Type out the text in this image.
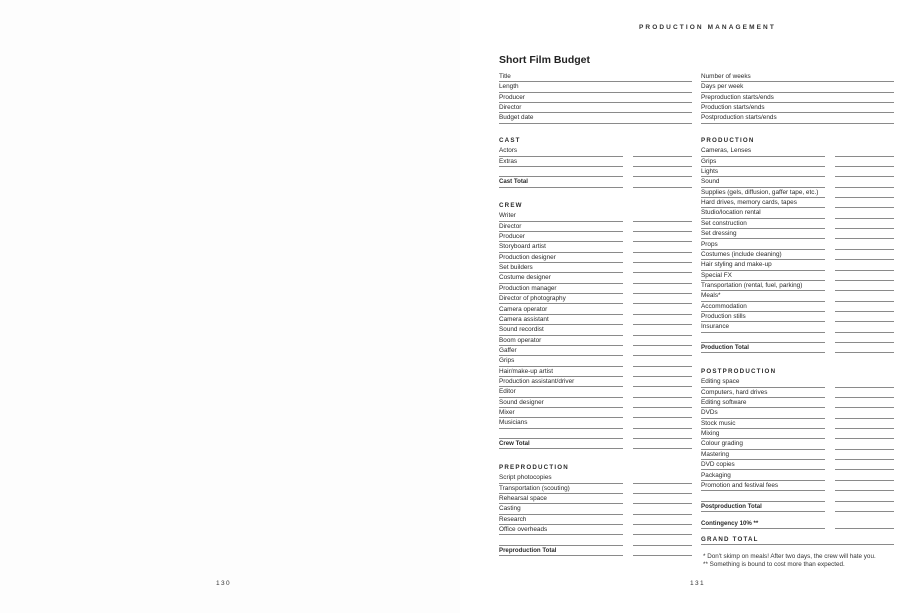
PRODUCTION MANAGEMENT
Short Film Budget
130	131
Title
Length
Producer
Director
Budget date
Number of weeks
Days per week
Preproduction starts/ends
Production starts/ends
Postproduction starts/ends
CAST
Actors
Extras
Cast Total
CREW
Writer
Director
Producer
Storyboard artist
Production designer
Set builders
Costume designer
Production manager
Director of photography
Camera operator
Camera assistant
Sound recordist
Boom operator
Gaffer
Grips
Hair/make-up artist
Production assistant/driver
Editor
Sound designer
Mixer
Musicians
Crew Total
PREPRODUCTION
Script photocopies
Transportation (scouting)
Rehearsal space
Casting
Research
Office overheads
Preproduction Total
PRODUCTION
Cameras, Lenses
Grips
Lights
Sound
Supplies (gels, diffusion, gaffer tape, etc.)
Hard drives, memory cards, tapes
Studio/location rental
Set construction
Set dressing
Props
Costumes (include cleaning)
Hair styling and make-up
Special FX
Transportation (rental, fuel, parking)
Meals*
Accommodation
Production stills
Insurance
Production Total
POSTPRODUCTION
Editing space
Computers, hard drives
Editing software
DVDs
Stock music
Mixing
Colour grading
Mastering
DVD copies
Packaging
Promotion and festival fees
Postproduction Total
Contingency 10% **
GRAND TOTAL
* Don't skimp on meals! After two days, the crew will hate you.
** Something is bound to cost more than expected.
